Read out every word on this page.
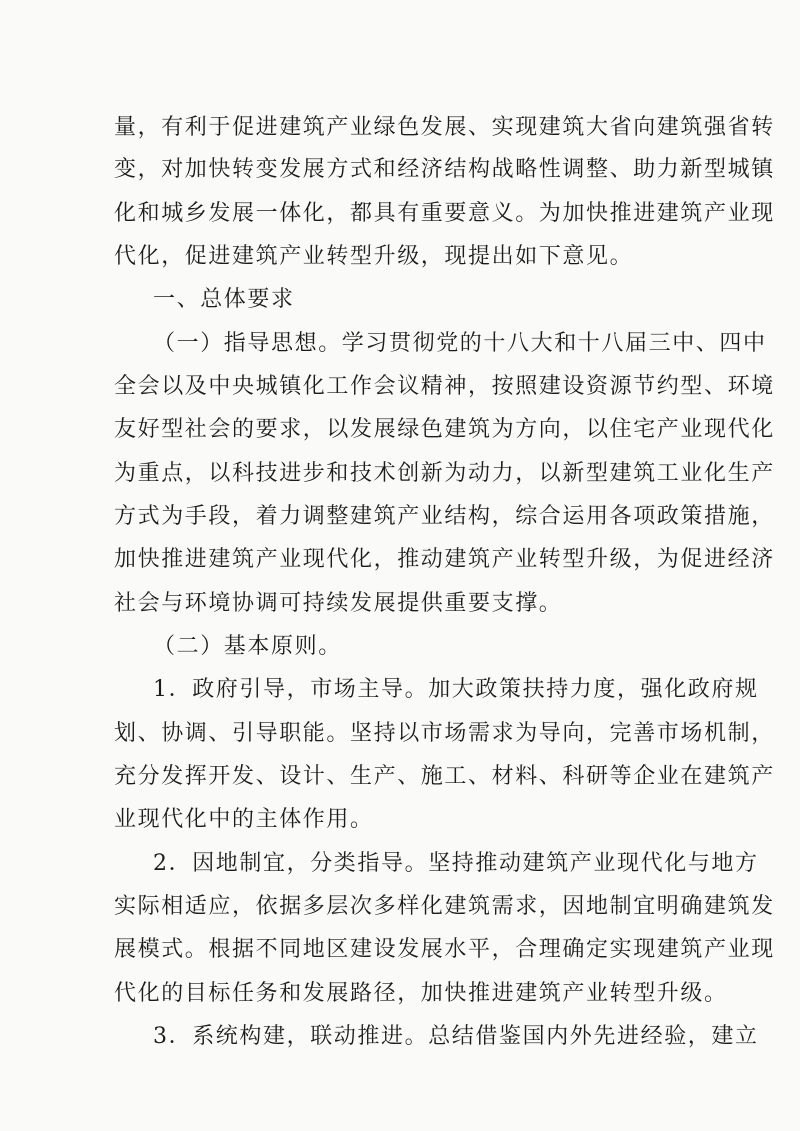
量，有利于促进建筑产业绿色发展、实现建筑大省向建筑强省转
变，对加快转变发展方式和经济结构战略性调整、助力新型城镇
化和城乡发展一体化，都具有重要意义。为加快推进建筑产业现
代化，促进建筑产业转型升级，现提出如下意见。
一、总体要求
（一）指导思想。学习贯彻党的十八大和十八届三中、四中
全会以及中央城镇化工作会议精神，按照建设资源节约型、环境
友好型社会的要求，以发展绿色建筑为方向，以住宅产业现代化
为重点，以科技进步和技术创新为动力，以新型建筑工业化生产
方式为手段，着力调整建筑产业结构，综合运用各项政策措施，
加快推进建筑产业现代化，推动建筑产业转型升级，为促进经济
社会与环境协调可持续发展提供重要支撑。
（二）基本原则。
1．政府引导，市场主导。加大政策扶持力度，强化政府规
划、协调、引导职能。坚持以市场需求为导向，完善市场机制，
充分发挥开发、设计、生产、施工、材料、科研等企业在建筑产
业现代化中的主体作用。
2．因地制宜，分类指导。坚持推动建筑产业现代化与地方
实际相适应，依据多层次多样化建筑需求，因地制宜明确建筑发
展模式。根据不同地区建设发展水平，合理确定实现建筑产业现
代化的目标任务和发展路径，加快推进建筑产业转型升级。
3．系统构建，联动推进。总结借鉴国内外先进经验，建立
